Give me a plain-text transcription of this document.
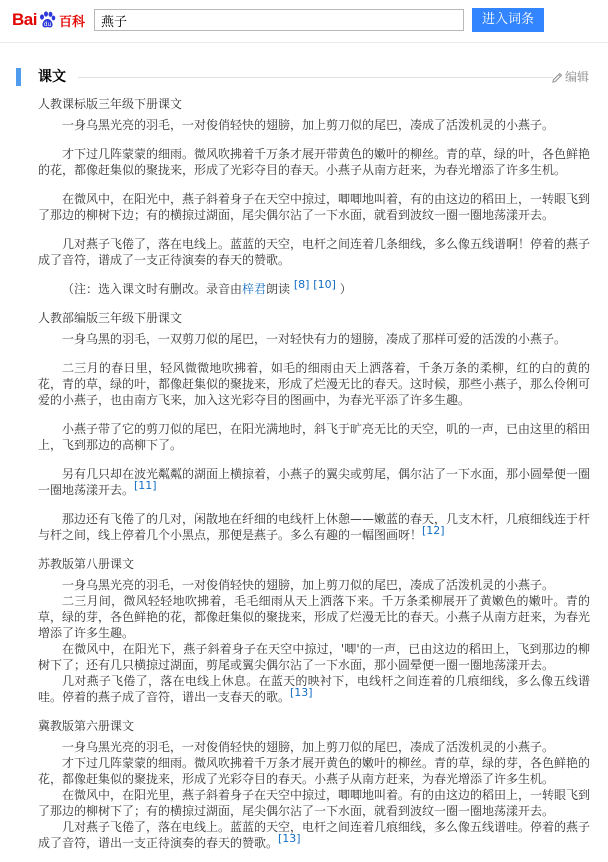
Bai du 百科
燕子	进入词条
课文	编辑
人教课标版三年级下册课文

一身乌黑光亮的羽毛，一对俊俏轻快的翅膀，加上剪刀似的尾巴，凑成了活泼机灵的小燕子。

才下过几阵蒙蒙的细雨。微风吹拂着千万条才展开带黄色的嫩叶的柳丝。青的草，绿的叶，各色鲜艳的花，都像赶集似的聚拢来，形成了光彩夺目的春天。小燕子从南方赶来，为春光增添了许多生机。

在微风中，在阳光中，燕子斜着身子在天空中掠过，唧唧地叫着，有的由这边的稻田上，一转眼飞到了那边的柳树下边；有的横掠过湖面，尾尖偶尔沾了一下水面，就看到波纹一圈一圈地荡漾开去。

几对燕子飞倦了，落在电线上。蓝蓝的天空，电杆之间连着几条细线，多么像五线谱啊！停着的燕子成了音符，谱成了一支正待演奏的春天的赞歌。

（注：选入课文时有删改。录音由梓君朗读 [8] [10] ）

人教部编版三年级下册课文

一身乌黑的羽毛，一双剪刀似的尾巴，一对轻快有力的翅膀，凑成了那样可爱的活泼的小燕子。

二三月的春日里，轻风微微地吹拂着，如毛的细雨由天上洒落着，千条万条的柔柳，红的白的黄的花，青的草，绿的叶，都像赶集似的聚拢来，形成了烂漫无比的春天。这时候，那些小燕子，那么伶俐可爱的小燕子，也由南方飞来，加入这光彩夺目的图画中，为春光平添了许多生趣。

小燕子带了它的剪刀似的尾巴，在阳光满地时，斜飞于旷亮无比的天空，叽的一声，已由这里的稻田上，飞到那边的高柳下了。

另有几只却在波光粼粼的湖面上横掠着，小燕子的翼尖或剪尾，偶尔沾了一下水面，那小圆晕便一圈一圈地荡漾开去。[11]

那边还有飞倦了的几对，闲散地在纤细的电线杆上休憩——嫩蓝的春天，几支木杆，几痕细线连于杆与杆之间，线上停着几个小黑点，那便是燕子。多么有趣的一幅图画呀！[12]

苏教版第八册课文

一身乌黑光亮的羽毛，一对俊俏轻快的翅膀，加上剪刀似的尾巴，凑成了活泼机灵的小燕子。

二三月间，微风轻轻地吹拂着，毛毛细雨从天上洒落下来。千万条柔柳展开了黄嫩色的嫩叶。青的草，绿的芽，各色鲜艳的花，都像赶集似的聚拢来，形成了烂漫无比的春天。小燕子从南方赶来，为春光增添了许多生趣。

在微风中，在阳光下，燕子斜着身子在天空中掠过，'唧'的一声，已由这边的稻田上，飞到那边的柳树下了；还有几只横掠过湖面，剪尾或翼尖偶尔沾了一下水面，那小圆晕便一圈一圈地荡漾开去。

几对燕子飞倦了，落在电线上休息。在蓝天的映衬下，电线杆之间连着的几痕细线，多么像五线谱哇。停着的燕子成了音符，谱出一支春天的歌。[13]

冀教版第六册课文

一身乌黑光亮的羽毛，一对俊俏轻快的翅膀，加上剪刀似的尾巴，凑成了活泼机灵的小燕子。

才下过几阵蒙蒙的细雨。微风吹拂着千万条才展开黄色的嫩叶的柳丝。青的草，绿的芽，各色鲜艳的花，都像赶集似的聚拢来，形成了光彩夺目的春天。小燕子从南方赶来，为春光增添了许多生机。

在微风中，在阳光里，燕子斜着身子在天空中掠过，唧唧地叫着。有的由这边的稻田上，一转眼飞到了那边的柳树下了；有的横掠过湖面，尾尖偶尔沾了一下水面，就看到波纹一圈一圈地荡漾开去。

几对燕子飞倦了，落在电线上。蓝蓝的天空，电杆之间连着几痕细线，多么像五线谱哇。停着的燕子成了音符，谱出一支正待演奏的春天的赞歌。[13]
